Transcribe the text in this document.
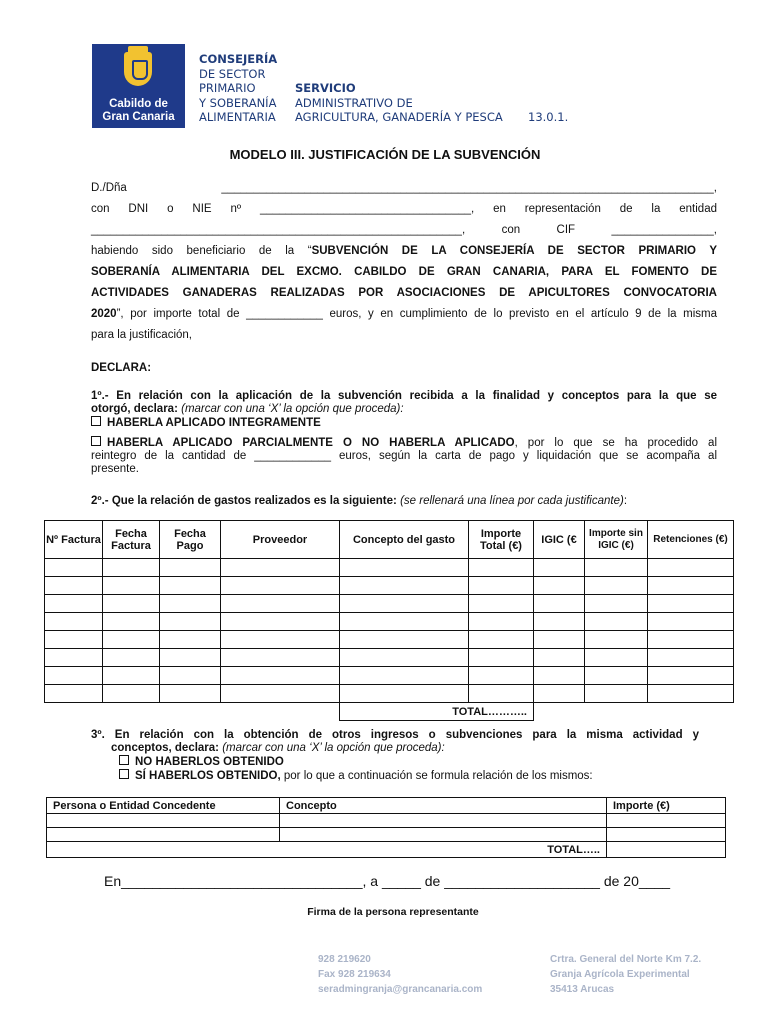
Cabildo de
Gran Canaria
CONSEJERÍA
DE SECTOR
PRIMARIO
Y SOBERANÍA
ALIMENTARIA
SERVICIO
ADMINISTRATIVO DE
AGRICULTURA, GANADERÍA Y PESCA 13.0.1.
MODELO III. JUSTIFICACIÓN DE LA SUBVENCIÓN
D./Dña _____________________________________________________________________________,
con DNI o NIE nº _________________________________, en representación de la entidad
__________________________________________________________, con CIF ________________,
habiendo sido beneficiario de la “SUBVENCIÓN DE LA CONSEJERÍA DE SECTOR PRIMARIO Y
SOBERANÍA ALIMENTARIA DEL EXCMO. CABILDO DE GRAN CANARIA, PARA EL FOMENTO DE
ACTIVIDADES GANADERAS REALIZADAS POR ASOCIACIONES DE APICULTORES CONVOCATORIA
2020”, por importe total de ____________ euros, y en cumplimiento de lo previsto en el artículo 9 de la misma
para la justificación,
DECLARA:
1º.- En relación con la aplicación de la subvención recibida a la finalidad y conceptos para la que se
otorgó, declara: (marcar con una ‘X’ la opción que proceda):
HABERLA APLICADO INTEGRAMENTE
HABERLA APLICADO PARCIALMENTE O NO HABERLA APLICADO, por lo que se ha procedido al
reintegro de la cantidad de ____________ euros, según la carta de pago y liquidación que se acompaña al
presente.
2º.- Que la relación de gastos realizados es la siguiente: (se rellenará una línea por cada justificante):
Nº Factura	Fecha Factura	Fecha Pago	Proveedor	Concepto del gasto	Importe Total (€)	IGIC (€	Importe sin IGIC (€)	Retenciones (€)

				TOTAL………..				
3º. En relación con la obtención de otros ingresos o subvenciones para la misma actividad y
conceptos, declara: (marcar con una ‘X’ la opción que proceda):
NO HABERLOS OBTENIDO
SÍ HABERLOS OBTENIDO, por lo que a continuación se formula relación de los mismos:
Persona o Entidad Concedente	Concepto	Importe (€)

TOTAL…..		
En_______________________________, a _____ de ____________________ de 20____
Firma de la persona representante
928 219620
Fax 928 219634
seradmingranja@grancanaria.com
Crtra. General del Norte Km 7.2.
Granja Agrícola Experimental
35413 Arucas
